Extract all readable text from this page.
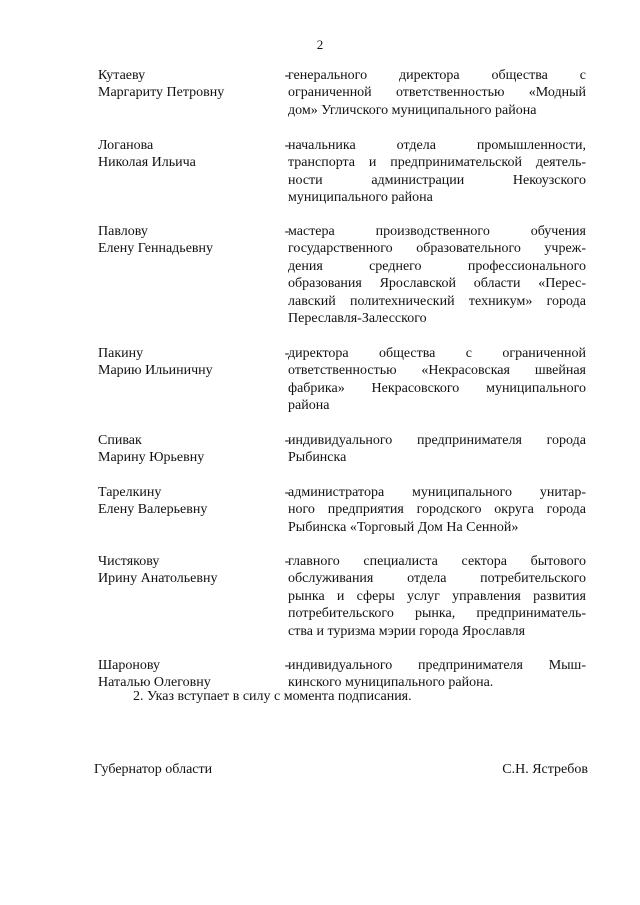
2
Кутаеву
Маргариту Петровну
-
генерального директора общества с
ограниченной ответственностью «Модный
дом» Угличского муниципального района
Логанова
Николая Ильича
-
начальника отдела промышленности,
транспорта и предпринимательской деятель-
ности администрации Некоузского
муниципального района
Павлову
Елену Геннадьевну
-
мастера производственного обучения
государственного образовательного учреж-
дения среднего профессионального
образования Ярославской области «Перес-
лавский политехнический техникум» города
Переславля-Залесского
Пакину
Марию Ильиничну
-
директора общества с ограниченной
ответственностью «Некрасовская швейная
фабрика» Некрасовского муниципального
района
Спивак
Марину Юрьевну
-
индивидуального предпринимателя города
Рыбинска
Тарелкину
Елену Валерьевну
-
администратора муниципального унитар-
ного предприятия городского округа города
Рыбинска «Торговый Дом На Сенной»
Чистякову
Ирину Анатольевну
-
главного специалиста сектора бытового
обслуживания отдела потребительского
рынка и сферы услуг управления развития
потребительского рынка, предприниматель-
ства и туризма мэрии города Ярославля
Шаронову
Наталью Олеговну
-
индивидуального предпринимателя Мыш-
кинского муниципального района.
2. Указ вступает в силу с момента подписания.
Губернатор области	С.Н. Ястребов
